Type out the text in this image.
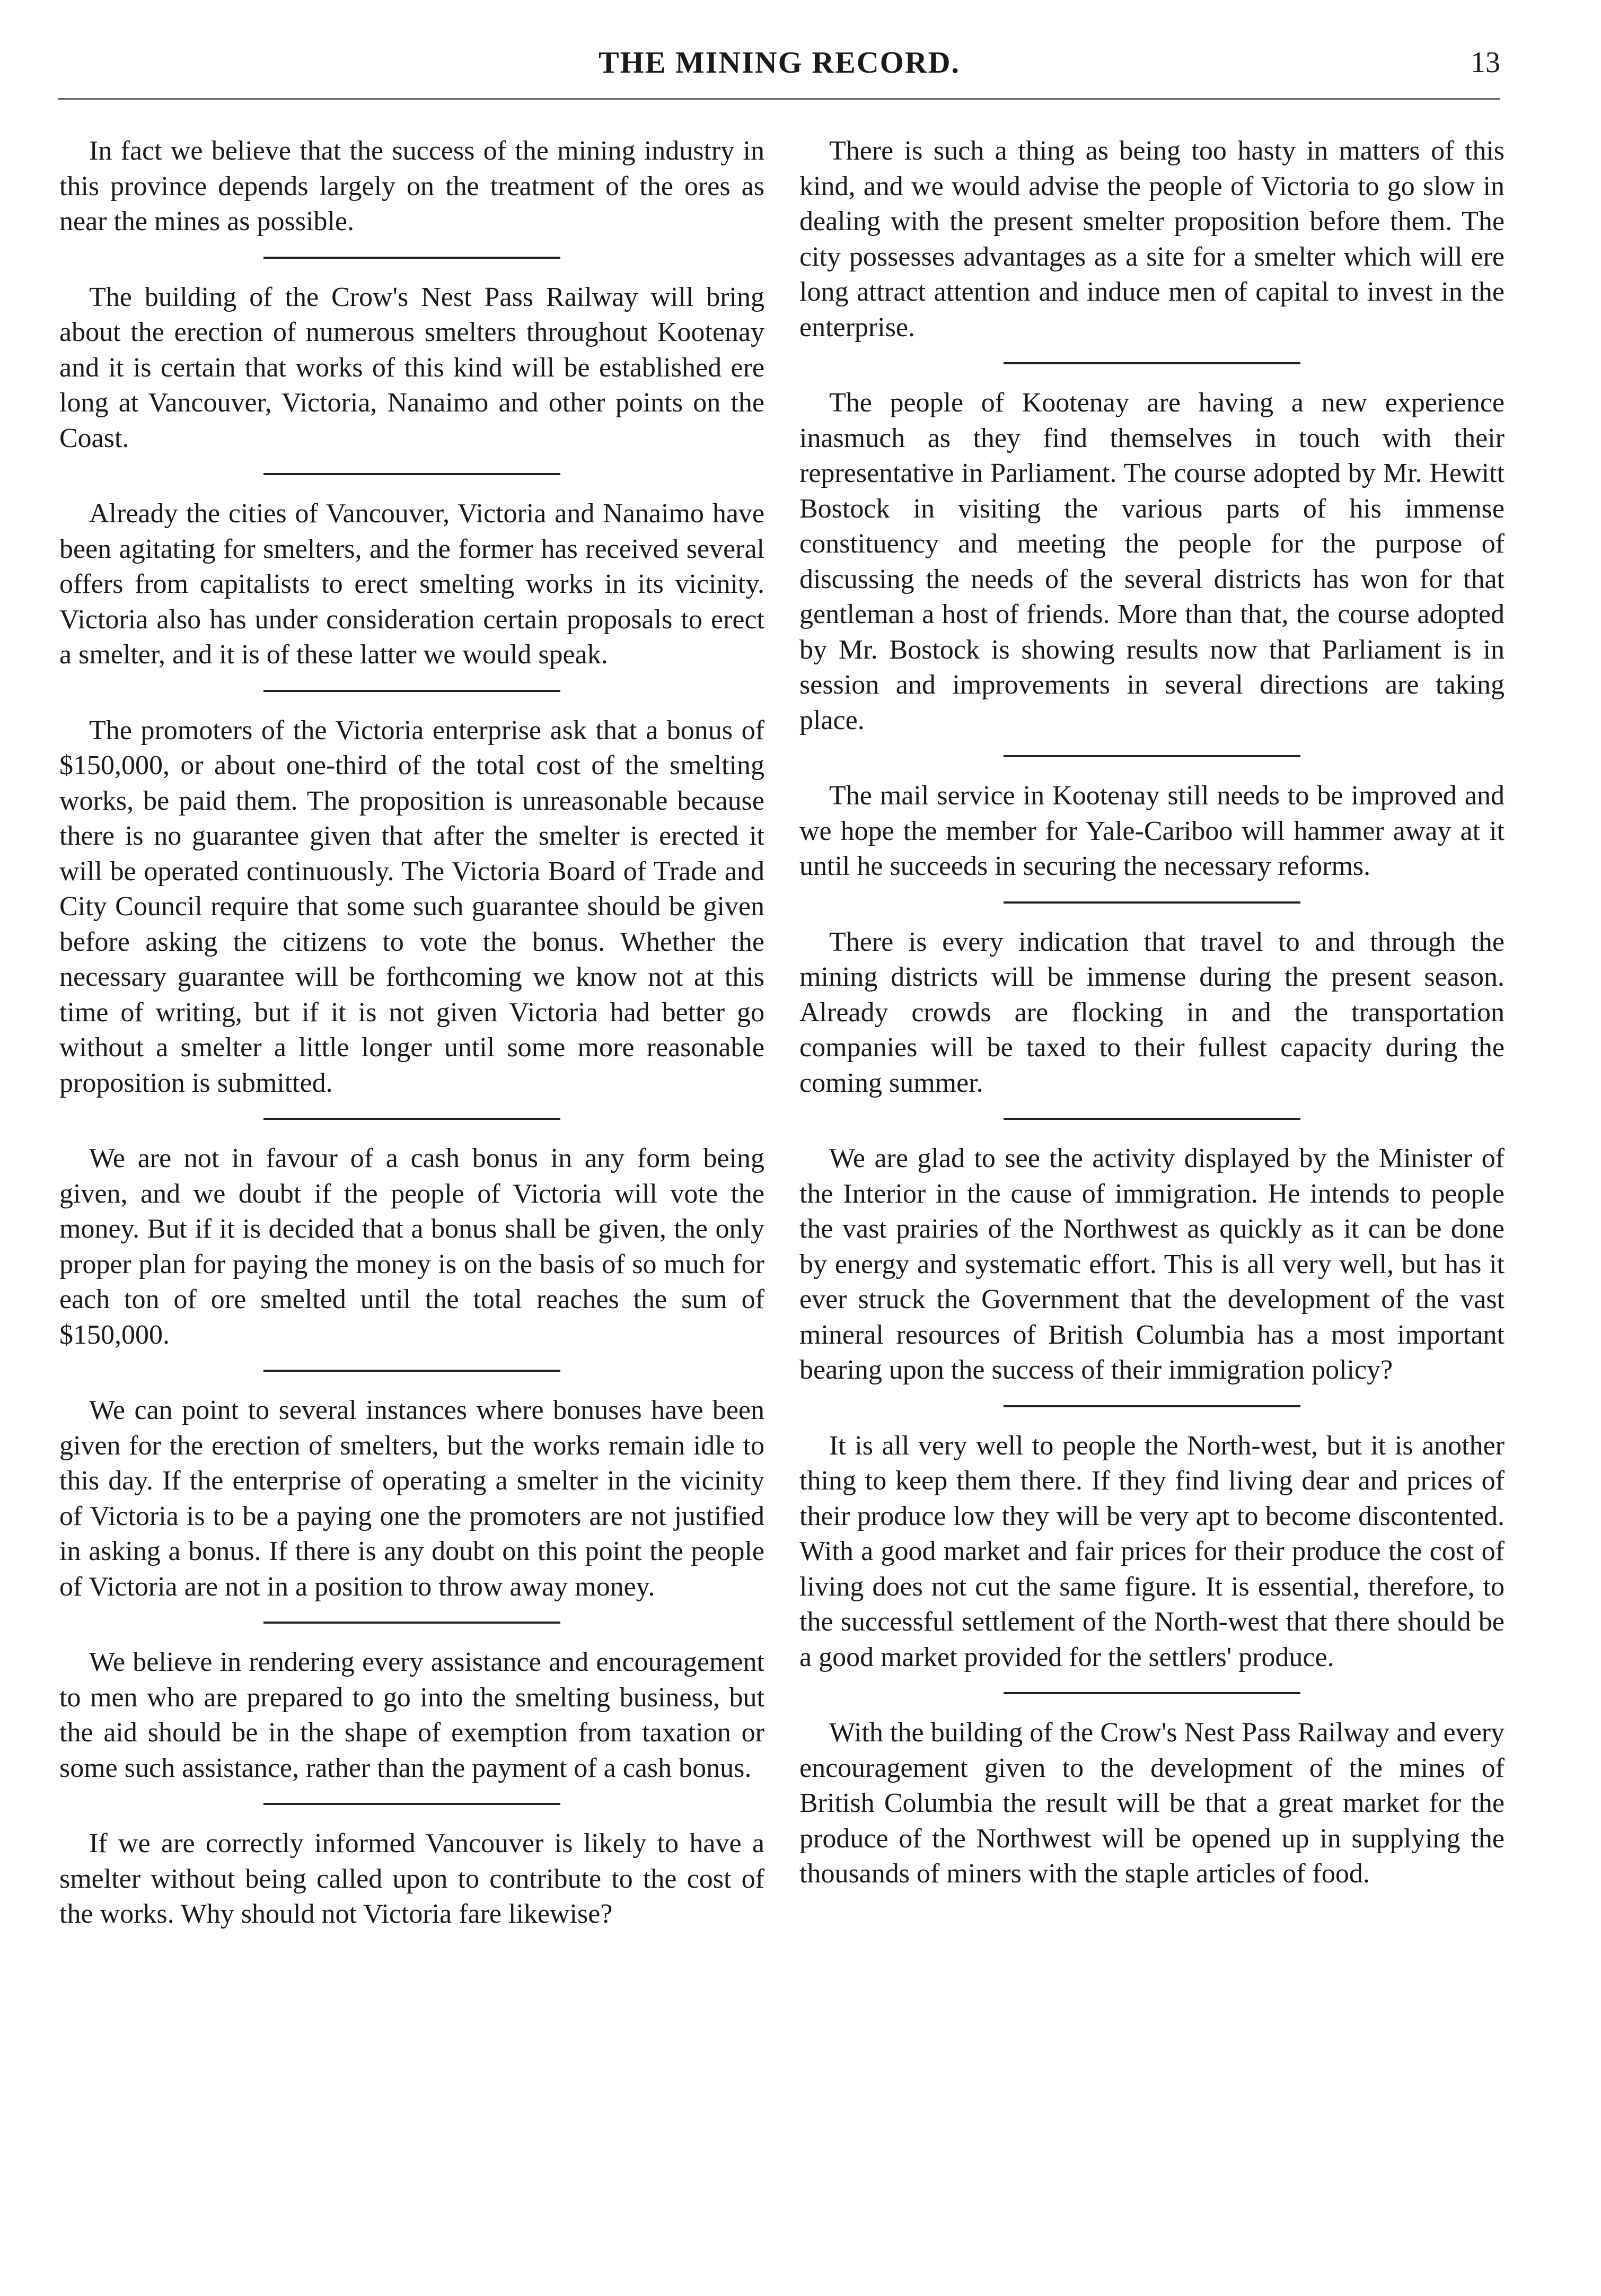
THE MINING RECORD.	13

In fact we believe that the success of the mining industry in this province depends largely on the treatment of the ores as near the mines as possible.

The building of the Crow's Nest Pass Railway will bring about the erection of numerous smelters throughout Kootenay and it is certain that works of this kind will be established ere long at Vancouver, Victoria, Nanaimo and other points on the Coast.

Already the cities of Vancouver, Victoria and Nanaimo have been agitating for smelters, and the former has received several offers from capitalists to erect smelting works in its vicinity. Victoria also has under consideration certain proposals to erect a smelter, and it is of these latter we would speak.

The promoters of the Victoria enterprise ask that a bonus of $150,000, or about one-third of the total cost of the smelting works, be paid them. The proposition is unreasonable because there is no guarantee given that after the smelter is erected it will be operated continuously. The Victoria Board of Trade and City Council require that some such guarantee should be given before asking the citizens to vote the bonus. Whether the necessary guarantee will be forthcoming we know not at this time of writing, but if it is not given Victoria had better go without a smelter a little longer until some more reasonable proposition is submitted.

We are not in favour of a cash bonus in any form being given, and we doubt if the people of Victoria will vote the money. But if it is decided that a bonus shall be given, the only proper plan for paying the money is on the basis of so much for each ton of ore smelted until the total reaches the sum of $150,000.

We can point to several instances where bonuses have been given for the erection of smelters, but the works remain idle to this day. If the enterprise of operating a smelter in the vicinity of Victoria is to be a paying one the promoters are not justified in asking a bonus. If there is any doubt on this point the people of Victoria are not in a position to throw away money.

We believe in rendering every assistance and encouragement to men who are prepared to go into the smelting business, but the aid should be in the shape of exemption from taxation or some such assistance, rather than the payment of a cash bonus.

If we are correctly informed Vancouver is likely to have a smelter without being called upon to contribute to the cost of the works. Why should not Victoria fare likewise?

There is such a thing as being too hasty in matters of this kind, and we would advise the people of Victoria to go slow in dealing with the present smelter proposition before them. The city possesses advantages as a site for a smelter which will ere long attract attention and induce men of capital to invest in the enterprise.

The people of Kootenay are having a new experience inasmuch as they find themselves in touch with their representative in Parliament. The course adopted by Mr. Hewitt Bostock in visiting the various parts of his immense constituency and meeting the people for the purpose of discussing the needs of the several districts has won for that gentleman a host of friends. More than that, the course adopted by Mr. Bostock is showing results now that Parliament is in session and improvements in several directions are taking place.

The mail service in Kootenay still needs to be improved and we hope the member for Yale-Cariboo will hammer away at it until he succeeds in securing the necessary reforms.

There is every indication that travel to and through the mining districts will be immense during the present season. Already crowds are flocking in and the transportation companies will be taxed to their fullest capacity during the coming summer.

We are glad to see the activity displayed by the Minister of the Interior in the cause of immigration. He intends to people the vast prairies of the Northwest as quickly as it can be done by energy and systematic effort. This is all very well, but has it ever struck the Government that the development of the vast mineral resources of British Columbia has a most important bearing upon the success of their immigration policy?

It is all very well to people the North-west, but it is another thing to keep them there. If they find living dear and prices of their produce low they will be very apt to become discontented. With a good market and fair prices for their produce the cost of living does not cut the same figure. It is essential, therefore, to the successful settlement of the North-west that there should be a good market provided for the settlers' produce.

With the building of the Crow's Nest Pass Railway and every encouragement given to the development of the mines of British Columbia the result will be that a great market for the produce of the Northwest will be opened up in supplying the thousands of miners with the staple articles of food.
